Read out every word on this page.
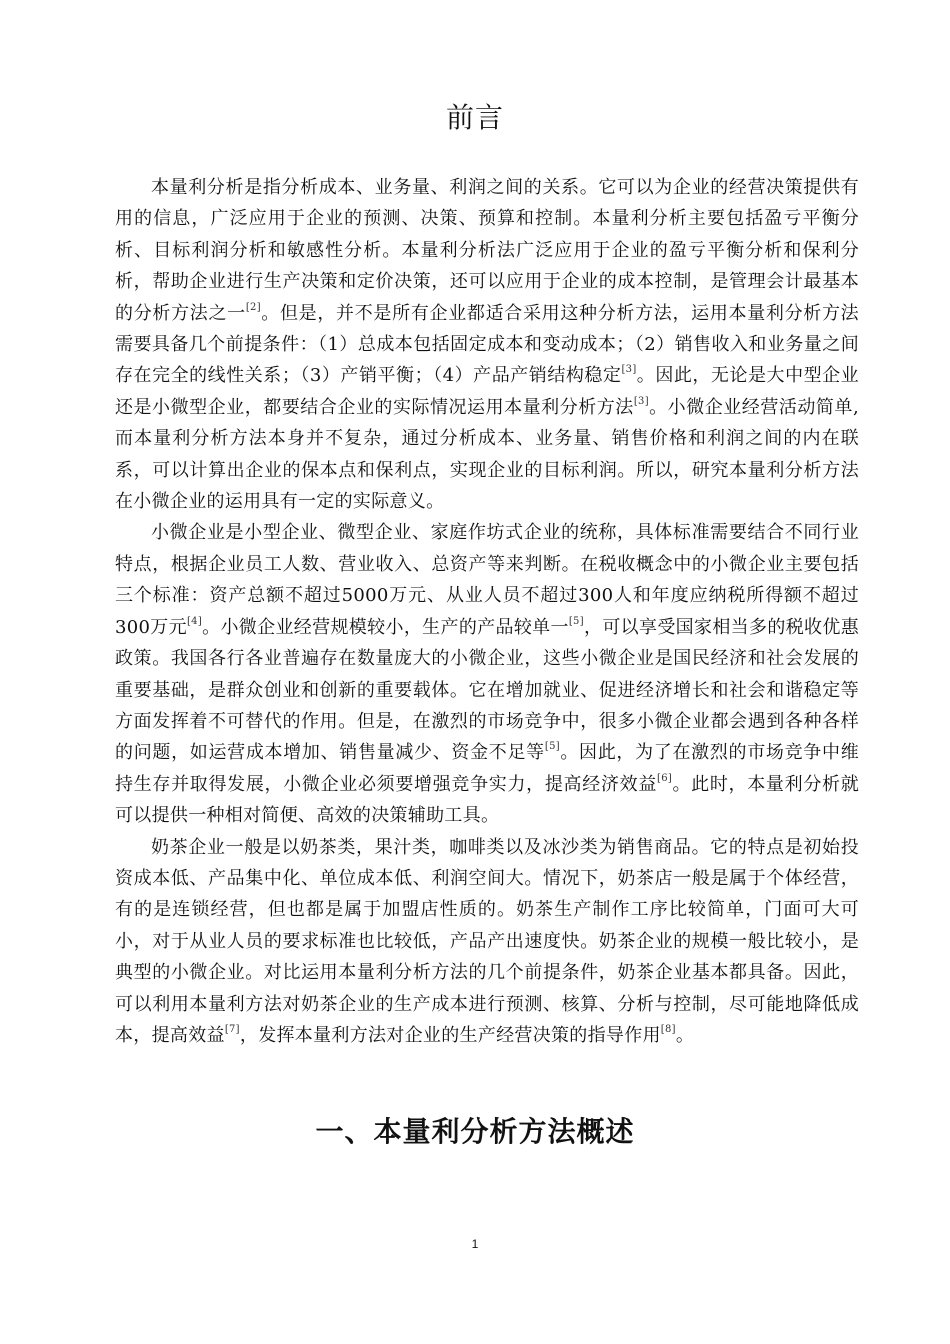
前言

本量利分析是指分析成本、业务量、利润之间的关系。它可以为企业的经营决策提供有用的信息，广泛应用于企业的预测、决策、预算和控制。本量利分析主要包括盈亏平衡分析、目标利润分析和敏感性分析。本量利分析法广泛应用于企业的盈亏平衡分析和保利分析，帮助企业进行生产决策和定价决策，还可以应用于企业的成本控制，是管理会计最基本的分析方法之一[2]。但是，并不是所有企业都适合采用这种分析方法，运用本量利分析方法需要具备几个前提条件：（1）总成本包括固定成本和变动成本；（2）销售收入和业务量之间存在完全的线性关系；（3）产销平衡；（4）产品产销结构稳定[3]。因此，无论是大中型企业还是小微型企业，都要结合企业的实际情况运用本量利分析方法[3]。小微企业经营活动简单, 而本量利分析方法本身并不复杂，通过分析成本、业务量、销售价格和利润之间的内在联系，可以计算出企业的保本点和保利点，实现企业的目标利润。所以，研究本量利分析方法在小微企业的运用具有一定的实际意义。

小微企业是小型企业、微型企业、家庭作坊式企业的统称，具体标准需要结合不同行业特点，根据企业员工人数、营业收入、总资产等来判断。在税收概念中的小微企业主要包括三个标准：资产总额不超过5000万元、从业人员不超过300人和年度应纳税所得额不超过300万元[4]。小微企业经营规模较小，生产的产品较单一[5]，可以享受国家相当多的税收优惠政策。我国各行各业普遍存在数量庞大的小微企业，这些小微企业是国民经济和社会发展的重要基础，是群众创业和创新的重要载体。它在增加就业、促进经济增长和社会和谐稳定等方面发挥着不可替代的作用。但是，在激烈的市场竞争中，很多小微企业都会遇到各种各样的问题，如运营成本增加、销售量减少、资金不足等[5]。因此，为了在激烈的市场竞争中维持生存并取得发展，小微企业必须要增强竞争实力，提高经济效益[6]。此时，本量利分析就可以提供一种相对简便、高效的决策辅助工具。

奶茶企业一般是以奶茶类，果汁类，咖啡类以及冰沙类为销售商品。它的特点是初始投资成本低、产品集中化、单位成本低、利润空间大。情况下，奶茶店一般是属于个体经营，有的是连锁经营，但也都是属于加盟店性质的。奶茶生产制作工序比较简单，门面可大可小，对于从业人员的要求标准也比较低，产品产出速度快。奶茶企业的规模一般比较小，是典型的小微企业。对比运用本量利分析方法的几个前提条件，奶茶企业基本都具备。因此，可以利用本量利方法对奶茶企业的生产成本进行预测、核算、分析与控制，尽可能地降低成本，提高效益[7]，发挥本量利方法对企业的生产经营决策的指导作用[8]。

一、本量利分析方法概述
1
